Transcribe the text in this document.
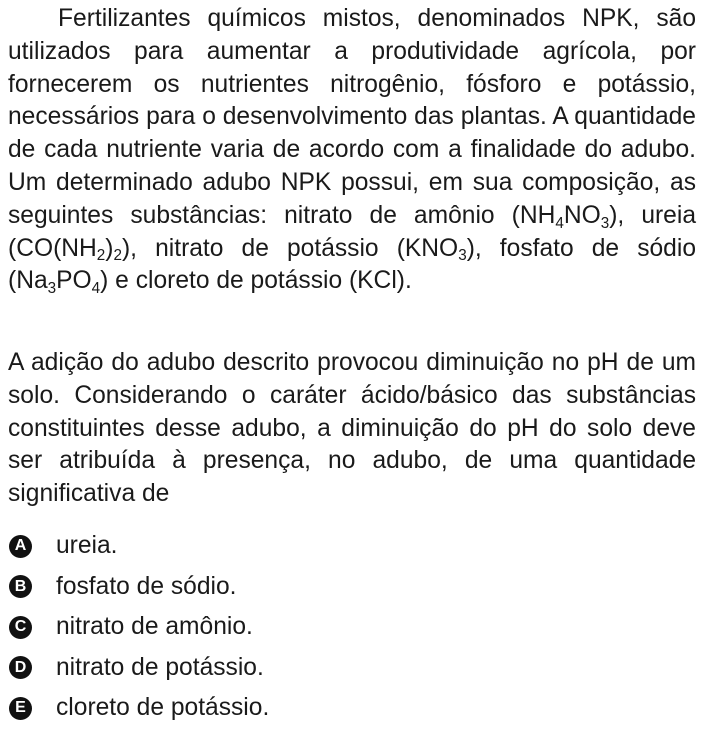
Fertilizantes químicos mistos, denominados NPK, são utilizados para aumentar a produtividade agrícola, por fornecerem os nutrientes nitrogênio, fósforo e potássio, necessários para o desenvolvimento das plantas. A quantidade de cada nutriente varia de acordo com a finalidade do adubo. Um determinado adubo NPK possui, em sua composição, as seguintes substâncias: nitrato de amônio $(NH_4NO_3)$, ureia $(CO(NH_2)_2)$, nitrato de potássio $(KNO_3)$, fosfato de sódio $(Na_3PO_4)$ e cloreto de potássio (KCl).

A adição do adubo descrito provocou diminuição no pH de um solo. Considerando o caráter ácido/básico das substâncias constituintes desse adubo, a diminuição do pH do solo deve ser atribuída à presença, no adubo, de uma quantidade significativa de

A ureia.
B fosfato de sódio.
C nitrato de amônio.
D nitrato de potássio.
E cloreto de potássio.
